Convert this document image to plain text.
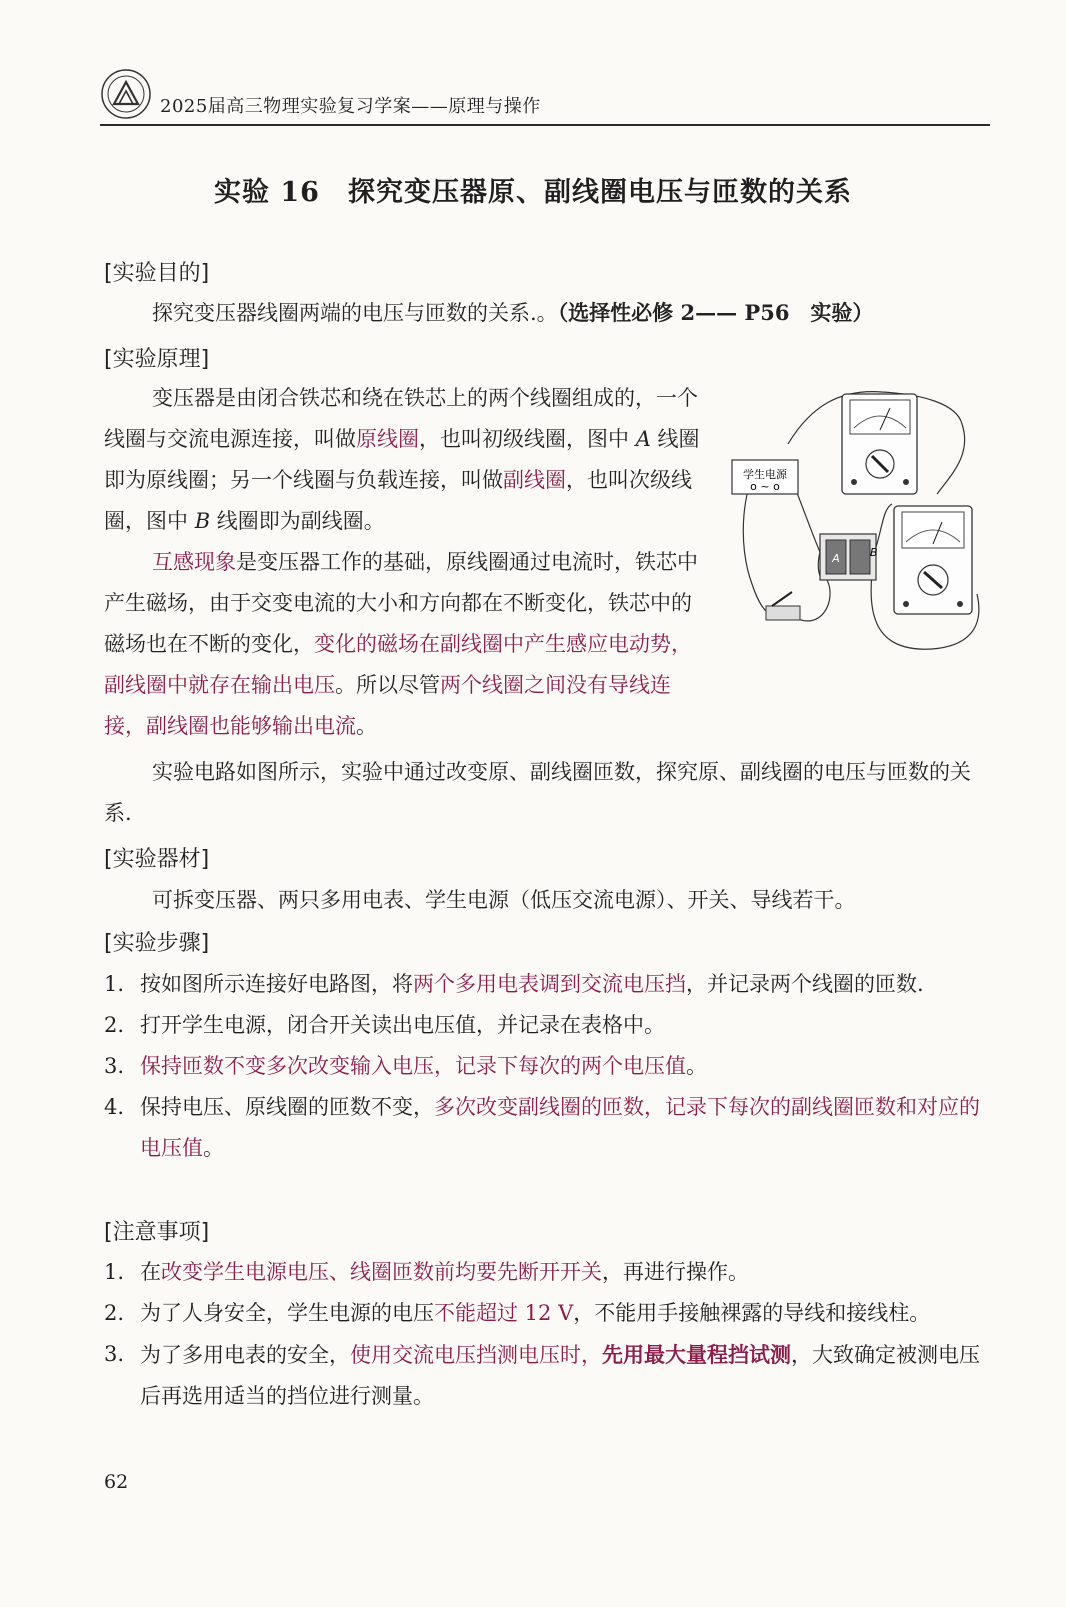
2025届高三物理实验复习学案——原理与操作
实验 16　探究变压器原、副线圈电压与匝数的关系
[实验目的]
探究变压器线圈两端的电压与匝数的关系.。（选择性必修 2—— P56　实验）
[实验原理]
变压器是由闭合铁芯和绕在铁芯上的两个线圈组成的，一个线圈与交流电源连接，叫做原线圈，也叫初级线圈，图中 A 线圈即为原线圈；另一个线圈与负载连接，叫做副线圈，也叫次级线圈，图中 B 线圈即为副线圈。
互感现象是变压器工作的基础，原线圈通过电流时，铁芯中产生磁场，由于交变电流的大小和方向都在不断变化，铁芯中的磁场也在不断的变化，变化的磁场在副线圈中产生感应电动势，副线圈中就存在输出电压。所以尽管两个线圈之间没有导线连接，副线圈也能够输出电流。
实验电路如图所示，实验中通过改变原、副线圈匝数，探究原、副线圈的电压与匝数的关系.
[实验器材]
可拆变压器、两只多用电表、学生电源（低压交流电源）、开关、导线若干。
[实验步骤]
1. 按如图所示连接好电路图，将两个多用电表调到交流电压挡，并记录两个线圈的匝数.
2. 打开学生电源，闭合开关读出电压值，并记录在表格中。
3. 保持匝数不变多次改变输入电压，记录下每次的两个电压值。
4. 保持电压、原线圈的匝数不变，多次改变副线圈的匝数，记录下每次的副线圈匝数和对应的电压值。
[注意事项]
1. 在改变学生电源电压、线圈匝数前均要先断开开关，再进行操作。
2. 为了人身安全，学生电源的电压不能超过 12 V，不能用手接触裸露的导线和接线柱。
3. 为了多用电表的安全，使用交流电压挡测电压时，先用最大量程挡试测，大致确定被测电压后再选用适当的挡位进行测量。
学生电源
o ~ o
A	B
62
